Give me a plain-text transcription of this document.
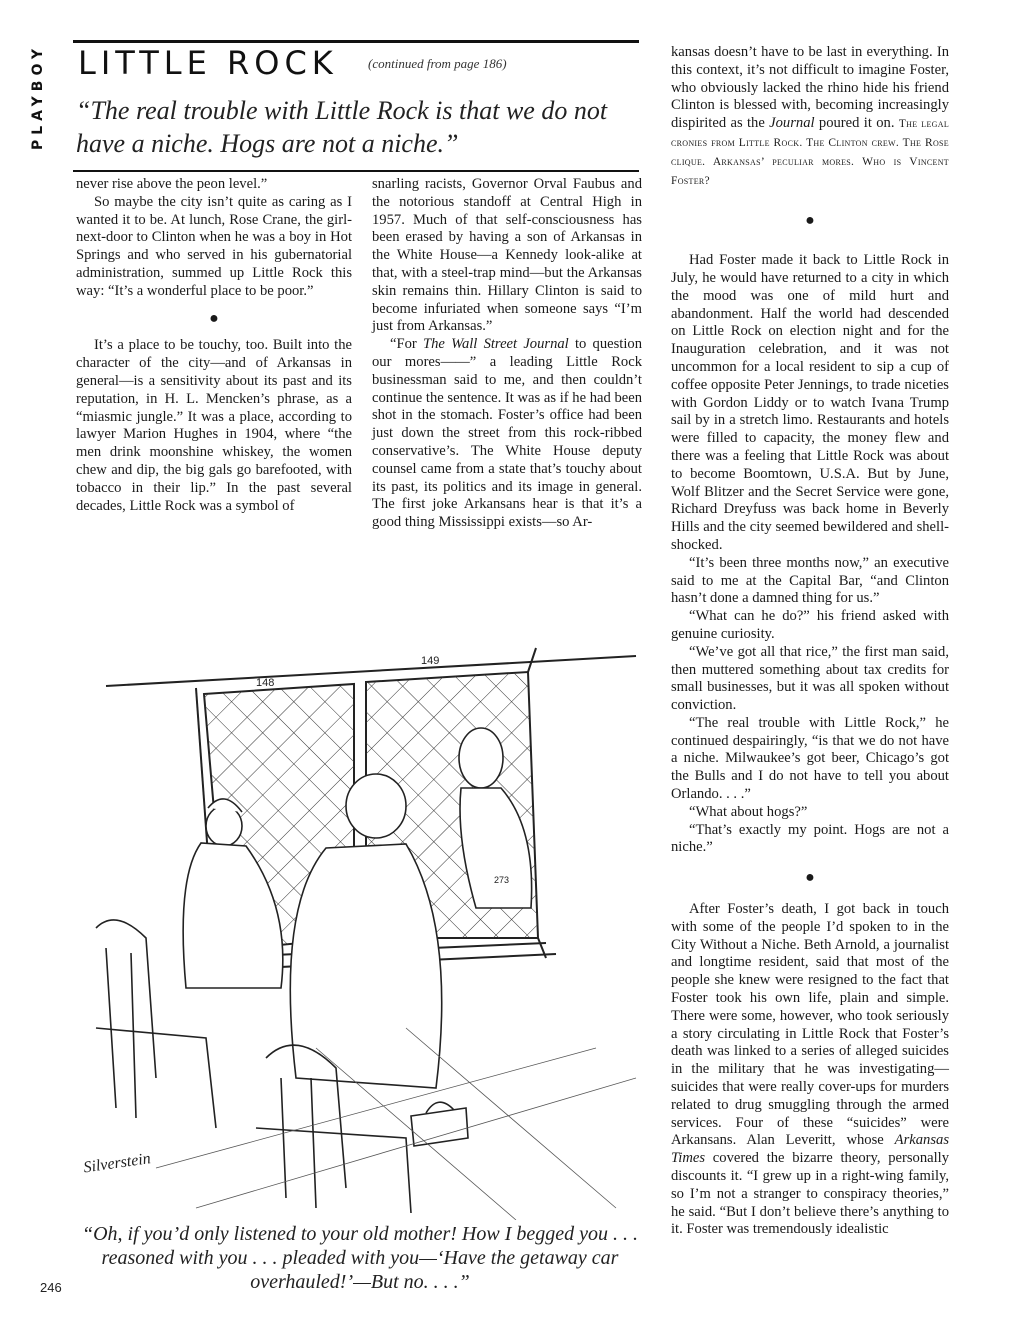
PLAYBOY LITTLE ROCK (continued from page 186)
“The real trouble with Little Rock is that we do not have a niche. Hogs are not a niche.”

never rise above the peon level.”

So maybe the city isn’t quite as caring as I wanted it to be. At lunch, Rose Crane, the girl-next-door to Clinton when he was a boy in Hot Springs and who served in his gubernatorial administration, summed up Little Rock this way: “It’s a wonderful place to be poor.”

●

It’s a place to be touchy, too. Built into the character of the city—and of Arkansas in general—is a sensitivity about its past and its reputation, in H. L. Mencken’s phrase, as a “miasmic jungle.” It was a place, according to lawyer Marion Hughes in 1904, where “the men drink moonshine whiskey, the women chew and dip, the big gals go barefooted, with tobacco in their lip.” In the past several decades, Little Rock was a symbol of

snarling racists, Governor Orval Faubus and the notorious standoff at Central High in 1957. Much of that self-consciousness has been erased by having a son of Arkansas in the White House—a Kennedy look-alike at that, with a steel-trap mind—but the Arkansas skin remains thin. Hillary Clinton is said to become infuriated when someone says “I’m just from Arkansas.”

“For The Wall Street Journal to question our mores——” a leading Little Rock businessman said to me, and then couldn’t continue the sentence. It was as if he had been shot in the stomach. Foster’s office had been just down the street from this rock-ribbed conservative’s. The White House deputy counsel came from a state that’s touchy about its past, its politics and its image in general. The first joke Arkansans hear is that it’s a good thing Mississippi exists—so Ar-

kansas doesn’t have to be last in everything. In this context, it’s not difficult to imagine Foster, who obviously lacked the rhino hide his friend Clinton is blessed with, becoming increasingly dispirited as the Journal poured it on. The legal cronies from Little Rock. The Clinton crew. The Rose clique. Arkansas’ peculiar mores. Who is Vincent Foster?

●

Had Foster made it back to Little Rock in July, he would have returned to a city in which the mood was one of mild hurt and abandonment. Half the world had descended on Little Rock on election night and for the Inauguration celebration, and it was not uncommon for a local resident to sip a cup of coffee opposite Peter Jennings, to trade niceties with Gordon Liddy or to watch Ivana Trump sail by in a stretch limo. Restaurants and hotels were filled to capacity, the money flew and there was a feeling that Little Rock was about to become Boomtown, U.S.A. But by June, Wolf Blitzer and the Secret Service were gone, Richard Dreyfuss was back home in Beverly Hills and the city seemed bewildered and shell-shocked.

“It’s been three months now,” an executive said to me at the Capital Bar, “and Clinton hasn’t done a damned thing for us.”

“What can he do?” his friend asked with genuine curiosity.

“We’ve got all that rice,” the first man said, then muttered something about tax credits for small businesses, but it was all spoken without conviction.

“The real trouble with Little Rock,” he continued despairingly, “is that we do not have a niche. Milwaukee’s got beer, Chicago’s got the Bulls and I do not have to tell you about Orlando. . . .”

“What about hogs?”

“That’s exactly my point. Hogs are not a niche.”

●

After Foster’s death, I got back in touch with some of the people I’d spoken to in the City Without a Niche. Beth Arnold, a journalist and longtime resident, said that most of the people she knew were resigned to the fact that Foster took his own life, plain and simple. There were some, however, who took seriously a story circulating in Little Rock that Foster’s death was linked to a series of alleged suicides in the military that he was investigating—suicides that were really cover-ups for murders related to drug smuggling through the armed services. Four of these “suicides” were Arkansans. Alan Leveritt, whose Arkansas Times covered the bizarre theory, personally discounts it. “I grew up in a right-wing family, so I’m not a stranger to conspiracy theories,” he said. “But I don’t believe there’s anything to it. Foster was tremendously idealistic

148
149
273
Silverstein
“Oh, if you’d only listened to your old mother! How I begged you . . . reasoned with you . . . pleaded with you—‘Have the getaway car overhauled!’—But no. . . .”
246
